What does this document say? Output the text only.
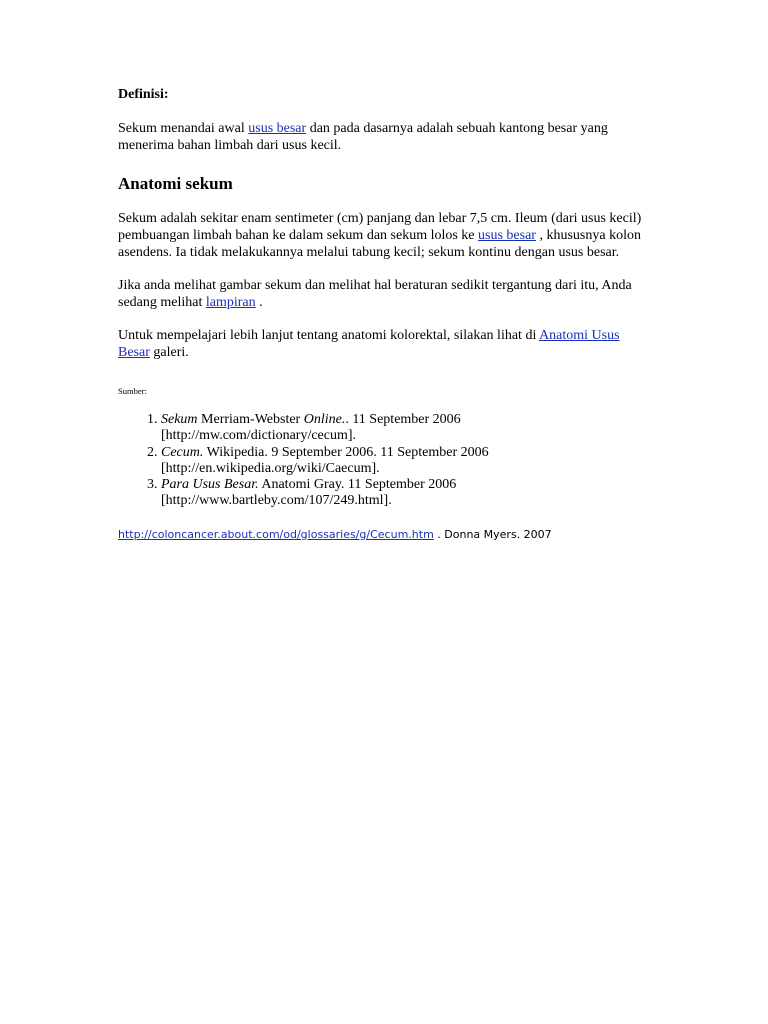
Definisi:

Sekum menandai awal usus besar dan pada dasarnya adalah sebuah kantong besar yang menerima bahan limbah dari usus kecil.

Anatomi sekum

Sekum adalah sekitar enam sentimeter (cm) panjang dan lebar 7,5 cm. Ileum (dari usus kecil) pembuangan limbah bahan ke dalam sekum dan sekum lolos ke usus besar , khususnya kolon asendens. Ia tidak melakukannya melalui tabung kecil; sekum kontinu dengan usus besar.

Jika anda melihat gambar sekum dan melihat hal beraturan sedikit tergantung dari itu, Anda sedang melihat lampiran .

Untuk mempelajari lebih lanjut tentang anatomi kolorektal, silakan lihat di Anatomi Usus Besar galeri.

Sumber:
1. Sekum Merriam-Webster Online.. 11 September 2006 [http://mw.com/dictionary/cecum].
2. Cecum. Wikipedia. 9 September 2006. 11 September 2006 [http://en.wikipedia.org/wiki/Caecum].
3. Para Usus Besar. Anatomi Gray. 11 September 2006 [http://www.bartleby.com/107/249.html].
http://coloncancer.about.com/od/glossaries/g/Cecum.htm . Donna Myers. 2007
